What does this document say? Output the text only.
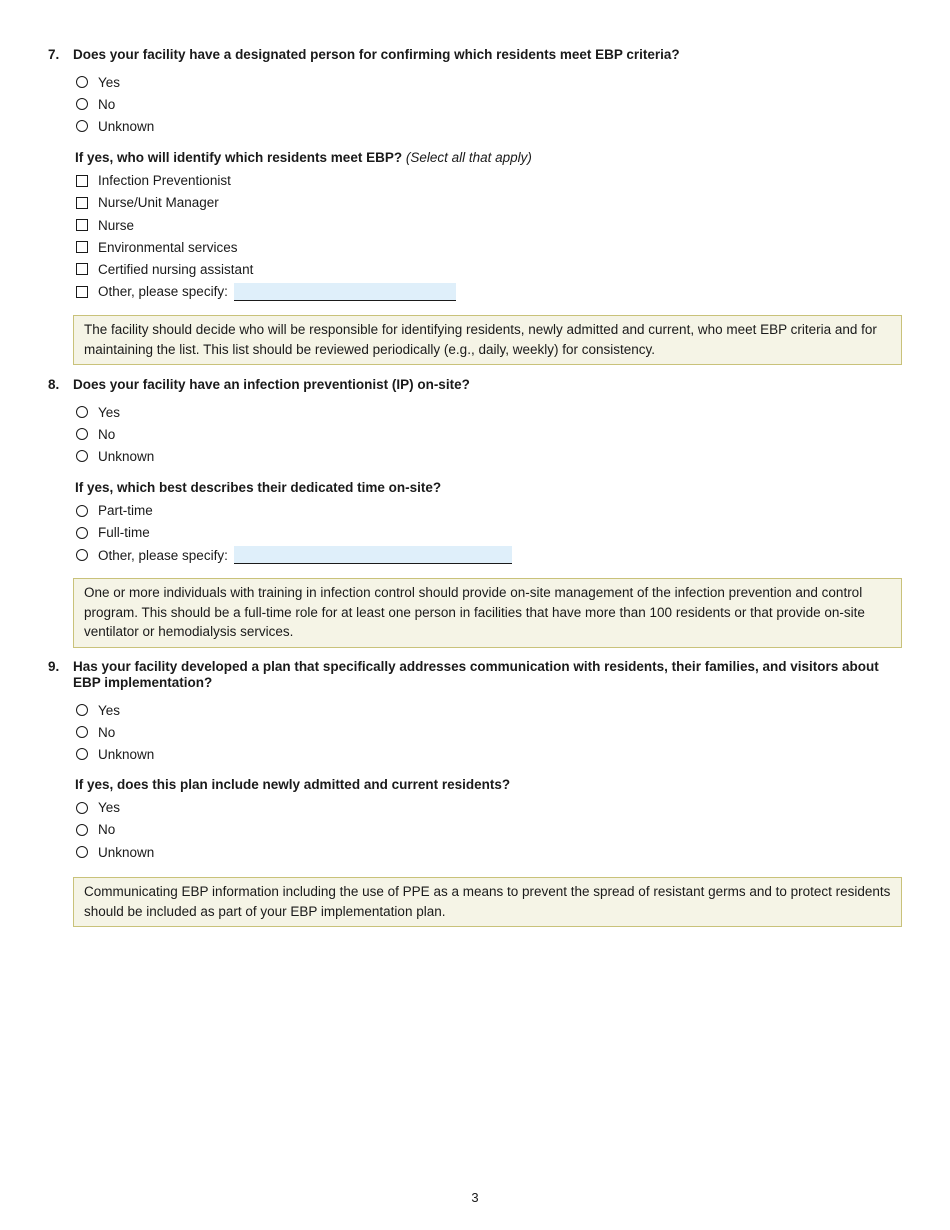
7.	Does your facility have a designated person for confirming which residents meet EBP criteria?
Yes
No
Unknown
If yes, who will identify which residents meet EBP? (Select all that apply)
Infection Preventionist
Nurse/Unit Manager
Nurse
Environmental services
Certified nursing assistant
Other, please specify:
The facility should decide who will be responsible for identifying residents, newly admitted and current, who meet EBP criteria and for maintaining the list. This list should be reviewed periodically (e.g., daily, weekly) for consistency.
8.	Does your facility have an infection preventionist (IP) on-site?
Yes
No
Unknown
If yes, which best describes their dedicated time on-site?
Part-time
Full-time
Other, please specify:
One or more individuals with training in infection control should provide on-site management of the infection prevention and control program. This should be a full-time role for at least one person in facilities that have more than 100 residents or that provide on-site ventilator or hemodialysis services.
9.	Has your facility developed a plan that specifically addresses communication with residents, their families, and visitors about EBP implementation?
Yes
No
Unknown
If yes, does this plan include newly admitted and current residents?
Yes
No
Unknown
Communicating EBP information including the use of PPE as a means to prevent the spread of resistant germs and to protect residents should be included as part of your EBP implementation plan.
3
